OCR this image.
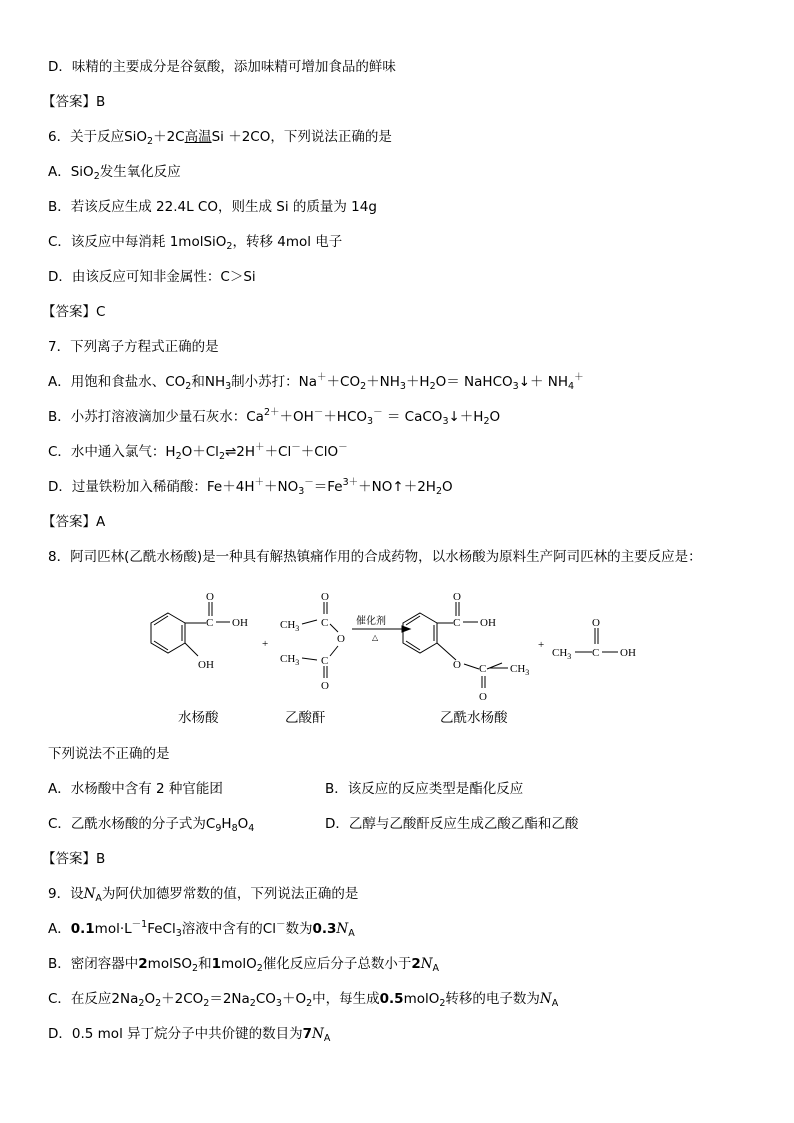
D．味精的主要成分是谷氨酸，添加味精可增加食品的鲜味
【答案】B
6．关于反应SiO$_2$＋2C高温Si ＋2CO，下列说法正确的是
A．SiO$_2$发生氧化反应
B．若该反应生成 22.4L CO，则生成 Si 的质量为 14g
C．该反应中每消耗 1molSiO$_2$，转移 4mol 电子
D．由该反应可知非金属性：C＞Si
【答案】C
7．下列离子方程式正确的是
A．用饱和食盐水、$CO_2$和$NH_3$制小苏打：$Na^++CO_2+NH_3+H_2O=$ NaHCO$_3$↓＋ $NH_4^+$
B．小苏打溶液滴加少量石灰水：$Ca^{2+}+OH^-+HCO_3^-$ ＝ $CaCO_3↓+H_2O$
C．水中通入氯气：$H_2O+Cl_2\rightleftharpoons 2H^++Cl^-+ClO^-$
D．过量铁粉加入稀硝酸：$Fe+4H^++NO_3^-=Fe^{3+}+NO↑+2H_2O$
【答案】A
8．阿司匹林(乙酰水杨酸)是一种具有解热镇痛作用的合成药物，以水杨酸为原料生产阿司匹林的主要反应是：
O
C OH
OH
+
$CH_3$
O
C
O
$CH_3$ C
O
催化剂
△
O
C OH
O C
O
$CH_3$
+
$CH_3$
O
C OH
水杨酸	乙酸酐	乙酰水杨酸
下列说法不正确的是
A．水杨酸中含有 2 种官能团	B．该反应的反应类型是酯化反应
C．乙酰水杨酸的分子式为$C_9H_8O_4$	D．乙醇与乙酸酐反应生成乙酸乙酯和乙酸
【答案】B
9．设$N_A$为阿伏加德罗常数的值，下列说法正确的是
A．$0.1mol\cdot L^{-1}FeCl_3$溶液中含有的Cl－数为$0.3N_A$
B．密闭容器中2molSO$_2$和1molO$_2$催化反应后分子总数小于$2N_A$
C．在反应$2Na_2O_2+2CO_2=2Na_2CO_3+O_2$中，每生成0.5molO$_2$转移的电子数为$N_A$
D．0.5 mol 异丁烷分子中共价键的数目为$7N_A$
